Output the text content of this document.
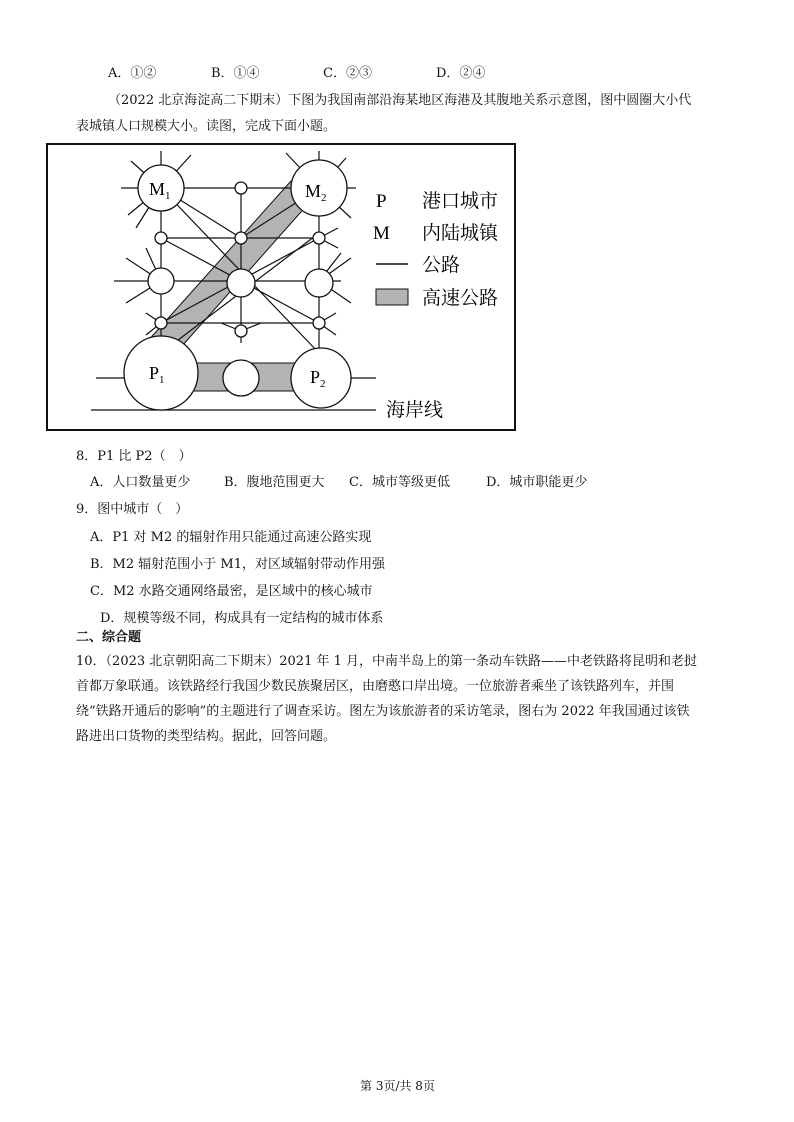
A．①②	B．①④	C．②③	D．②④
（2022 北京海淀高二下期末）下图为我国南部沿海某地区海港及其腹地关系示意图，图中圆圈大小代
表城镇人口规模大小。读图，完成下面小题。
$M_1$	$M_2$
$P_1$	$P_2$
P 港口城市
M 内陆城镇
公路
高速公路
海岸线
8．P1 比 P2（　）
A．人口数量更少	B．腹地范围更大 C．城市等级更低	D．城市职能更少
9．图中城市（　）
A．P1 对 M2 的辐射作用只能通过高速公路实现
B．M2 辐射范围小于 M1，对区域辐射带动作用强
C．M2 水路交通网络最密，是区域中的核心城市
D．规模等级不同，构成具有一定结构的城市体系
二、综合题
10．（2023 北京朝阳高二下期末）2021 年 1 月，中南半岛上的第一条动车铁路——中老铁路将昆明和老挝
首都万象联通。该铁路经行我国少数民族聚居区，由磨憨口岸出境。一位旅游者乘坐了该铁路列车，并围
绕“铁路开通后的影响”的主题进行了调查采访。图左为该旅游者的采访笔录，图右为 2022 年我国通过该铁
路进出口货物的类型结构。据此，回答问题。
第 3页/共 8页
